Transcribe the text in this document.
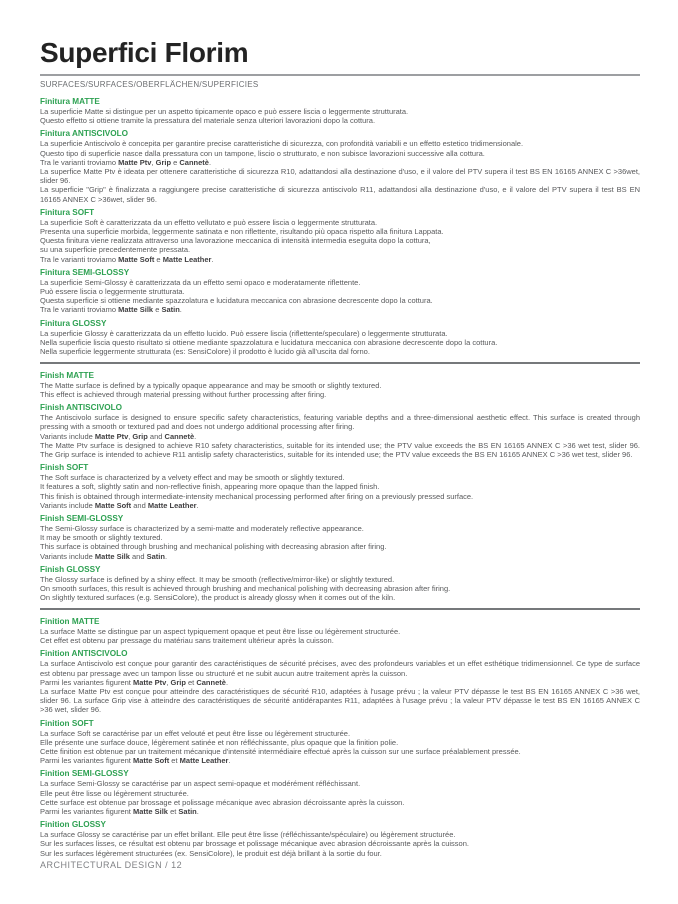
Superfici Florim
SURFACES/SURFACES/OBERFLÄCHEN/SUPERFICIES
Finitura MATTE

La superficie Matte si distingue per un aspetto tipicamente opaco e può essere liscia o leggermente strutturata.

Questo effetto si ottiene tramite la pressatura del materiale senza ulteriori lavorazioni dopo la cottura.

Finitura ANTISCIVOLO

La superficie Antiscivolo è concepita per garantire precise caratteristiche di sicurezza, con profondità variabili e un effetto estetico tridimensionale.

Questo tipo di superficie nasce dalla pressatura con un tampone, liscio o strutturato, e non subisce lavorazioni successive alla cottura.

Tra le varianti troviamo Matte Ptv, Grip e Cannetè.

La superfice Matte Ptv è ideata per ottenere caratteristiche di sicurezza R10, adattandosi alla destinazione d'uso, e il valore del PTV supera il test BS EN 16165 ANNEX C >36wet, slider 96.

La superficie "Grip" è finalizzata a raggiungere precise caratteristiche di sicurezza antiscivolo R11, adattandosi alla destinazione d'uso, e il valore del PTV supera il test BS EN 16165 ANNEX C >36wet, slider 96.

Finitura SOFT

La superficie Soft è caratterizzata da un effetto vellutato e può essere liscia o leggermente strutturata.

Presenta una superficie morbida, leggermente satinata e non riflettente, risultando più opaca rispetto alla finitura Lappata.

Questa finitura viene realizzata attraverso una lavorazione meccanica di intensità intermedia eseguita dopo la cottura,

su una superficie precedentemente pressata.

Tra le varianti troviamo Matte Soft e Matte Leather.

Finitura SEMI-GLOSSY

La superficie Semi-Glossy è caratterizzata da un effetto semi opaco e moderatamente riflettente.

Può essere liscia o leggermente strutturata.

Questa superficie si ottiene mediante spazzolatura e lucidatura meccanica con abrasione decrescente dopo la cottura.

Tra le varianti troviamo Matte Silk e Satin.

Finitura GLOSSY

La superficie Glossy è caratterizzata da un effetto lucido. Può essere liscia (riflettente/speculare) o leggermente strutturata.

Nella superficie liscia questo risultato si ottiene mediante spazzolatura e lucidatura meccanica con abrasione decrescente dopo la cottura.

Nella superficie leggermente strutturata (es: SensiColore) il prodotto è lucido già all'uscita dal forno.

Finish MATTE

The Matte surface is defined by a typically opaque appearance and may be smooth or slightly textured.

This effect is achieved through material pressing without further processing after firing.

Finish ANTISCIVOLO

The Antiscivolo surface is designed to ensure specific safety characteristics, featuring variable depths and a three-dimensional aesthetic effect. This surface is created through pressing with a smooth or textured pad and does not undergo additional processing after firing.

Variants include Matte Ptv, Grip and Cannetè.

The Matte Ptv surface is designed to achieve R10 safety characteristics, suitable for its intended use; the PTV value exceeds the BS EN 16165 ANNEX C >36 wet test, slider 96. The Grip surface is intended to achieve R11 antislip safety characteristics, suitable for its intended use; the PTV value exceeds the BS EN 16165 ANNEX C >36 wet test, slider 96.

Finish SOFT

The Soft surface is characterized by a velvety effect and may be smooth or slightly textured.

It features a soft, slightly satin and non-reflective finish, appearing more opaque than the lapped finish.

This finish is obtained through intermediate-intensity mechanical processing performed after firing on a previously pressed surface.

Variants include Matte Soft and Matte Leather.

Finish SEMI-GLOSSY

The Semi-Glossy surface is characterized by a semi-matte and moderately reflective appearance.

It may be smooth or slightly textured.

This surface is obtained through brushing and mechanical polishing with decreasing abrasion after firing.

Variants include Matte Silk and Satin.

Finish GLOSSY

The Glossy surface is defined by a shiny effect. It may be smooth (reflective/mirror-like) or slightly textured.

On smooth surfaces, this result is achieved through brushing and mechanical polishing with decreasing abrasion after firing.

On slightly textured surfaces (e.g. SensiColore), the product is already glossy when it comes out of the kiln.

Finition MATTE

La surface Matte se distingue par un aspect typiquement opaque et peut être lisse ou légèrement structurée.

Cet effet est obtenu par pressage du matériau sans traitement ultérieur après la cuisson.

Finition ANTISCIVOLO

La surface Antiscivolo est conçue pour garantir des caractéristiques de sécurité précises, avec des profondeurs variables et un effet esthétique tridimensionnel. Ce type de surface est obtenu par pressage avec un tampon lisse ou structuré et ne subit aucun autre traitement après la cuisson.

Parmi les variantes figurent Matte Ptv, Grip et Cannetè.

La surface Matte Ptv est conçue pour atteindre des caractéristiques de sécurité R10, adaptées à l'usage prévu ; la valeur PTV dépasse le test BS EN 16165 ANNEX C >36 wet, slider 96. La surface Grip vise à atteindre des caractéristiques de sécurité antidérapantes R11, adaptées à l'usage prévu ; la valeur PTV dépasse le test BS EN 16165 ANNEX C >36 wet, slider 96.

Finition SOFT

La surface Soft se caractérise par un effet velouté et peut être lisse ou légèrement structurée.

Elle présente une surface douce, légèrement satinée et non réfléchissante, plus opaque que la finition polie.

Cette finition est obtenue par un traitement mécanique d'intensité intermédiaire effectué après la cuisson sur une surface préalablement pressée.

Parmi les variantes figurent Matte Soft et Matte Leather.

Finition SEMI-GLOSSY

La surface Semi-Glossy se caractérise par un aspect semi-opaque et modérément réfléchissant.

Elle peut être lisse ou légèrement structurée.

Cette surface est obtenue par brossage et polissage mécanique avec abrasion décroissante après la cuisson.

Parmi les variantes figurent Matte Silk et Satin.

Finition GLOSSY

La surface Glossy se caractérise par un effet brillant. Elle peut être lisse (réfléchissante/spéculaire) ou légèrement structurée.

Sur les surfaces lisses, ce résultat est obtenu par brossage et polissage mécanique avec abrasion décroissante après la cuisson.

Sur les surfaces légèrement structurées (ex. SensiColore), le produit est déjà brillant à la sortie du four.

ARCHITECTURAL DESIGN / 12
